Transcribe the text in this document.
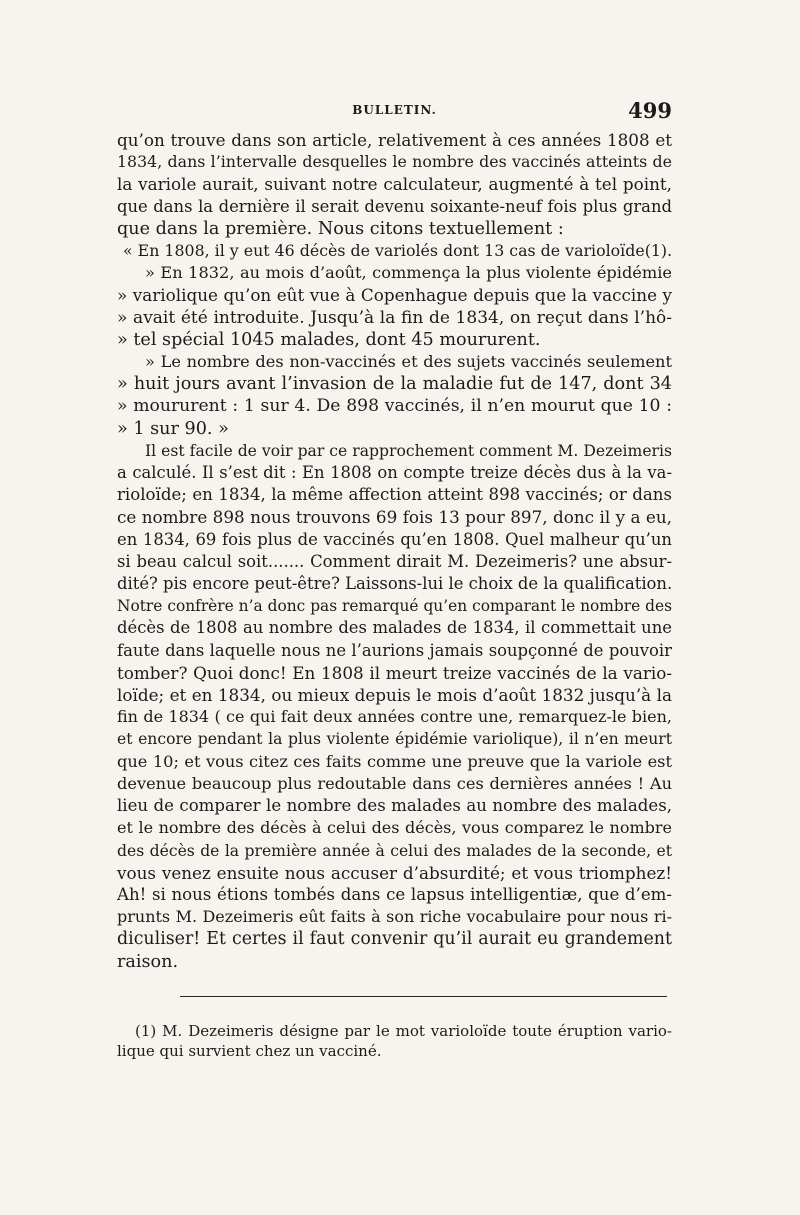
BULLETIN.	499
qu’on trouve dans son article, relativement à ces années 1808 et
1834, dans l’intervalle desquelles le nombre des vaccinés atteints de
la variole aurait, suivant notre calculateur, augmenté à tel point,
que dans la dernière il serait devenu soixante-neuf fois plus grand
que dans la première. Nous citons textuellement :
« En 1808, il y eut 46 décès de variolés dont 13 cas de varioloïde(1).
» En 1832, au mois d’août, commença la plus violente épidémie
» variolique qu’on eût vue à Copenhague depuis que la vaccine y
» avait été introduite. Jusqu’à la fin de 1834, on reçut dans l’hô-
» tel spécial 1045 malades, dont 45 moururent.
» Le nombre des non-vaccinés et des sujets vaccinés seulement
» huit jours avant l’invasion de la maladie fut de 147, dont 34
» moururent : 1 sur 4. De 898 vaccinés, il n’en mourut que 10 :
» 1 sur 90. »
Il est facile de voir par ce rapprochement comment M. Dezeimeris
a calculé. Il s’est dit : En 1808 on compte treize décès dus à la va-
rioloïde; en 1834, la même affection atteint 898 vaccinés; or dans
ce nombre 898 nous trouvons 69 fois 13 pour 897, donc il y a eu,
en 1834, 69 fois plus de vaccinés qu’en 1808. Quel malheur qu’un
si beau calcul soit....... Comment dirait M. Dezeimeris? une absur-
dité? pis encore peut-être? Laissons-lui le choix de la qualification.
Notre confrère n’a donc pas remarqué qu’en comparant le nombre des
décès de 1808 au nombre des malades de 1834, il commettait une
faute dans laquelle nous ne l’aurions jamais soupçonné de pouvoir
tomber? Quoi donc! En 1808 il meurt treize vaccinés de la vario-
loïde; et en 1834, ou mieux depuis le mois d’août 1832 jusqu’à la
fin de 1834 ( ce qui fait deux années contre une, remarquez-le bien,
et encore pendant la plus violente épidémie variolique), il n’en meurt
que 10; et vous citez ces faits comme une preuve que la variole est
devenue beaucoup plus redoutable dans ces dernières années ! Au
lieu de comparer le nombre des malades au nombre des malades,
et le nombre des décès à celui des décès, vous comparez le nombre
des décès de la première année à celui des malades de la seconde, et
vous venez ensuite nous accuser d’absurdité; et vous triomphez!
Ah! si nous étions tombés dans ce lapsus intelligentiæ, que d’em-
prunts M. Dezeimeris eût faits à son riche vocabulaire pour nous ri-
diculiser! Et certes il faut convenir qu’il aurait eu grandement
raison.
(1) M. Dezeimeris désigne par le mot varioloïde toute éruption vario-
lique qui survient chez un vacciné.
